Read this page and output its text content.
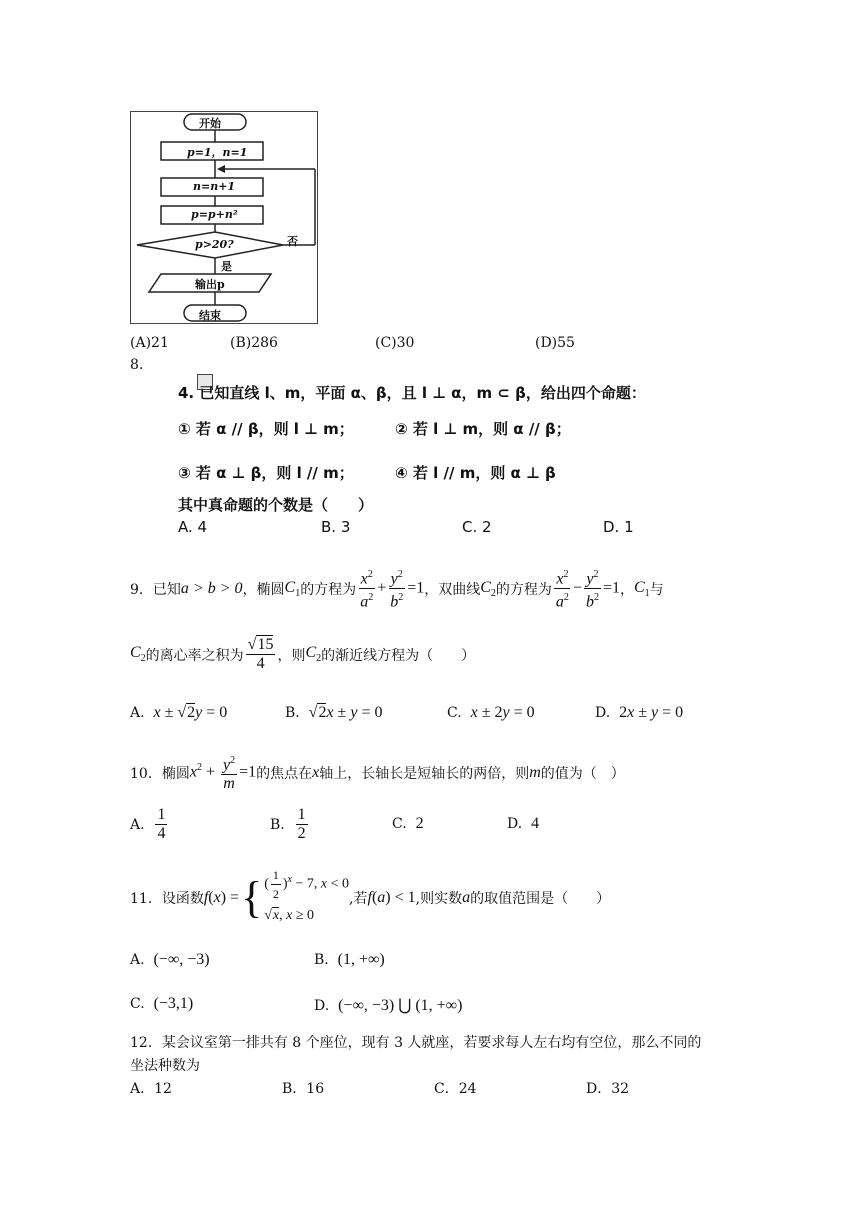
开始
p=1，n=1
n=n+1
p=p+n²
p>20?	否
是
输出p
结束
(A)21	(B)286	(C)30	(D)55
8.
4. 已知直线 l、m，平面 α、β，且 l ⊥ α，m ⊂ β，给出四个命题：
① 若 α // β，则 l ⊥ m；	② 若 l ⊥ m，则 α // β；
③ 若 α ⊥ β，则 l // m；	④ 若 l // m，则 α ⊥ β
其中真命题的个数是（　　）
A. 4	B. 3	C. 2	D. 1
9．已知 a > b > 0 ，椭圆 $C_1$ 的方程为 $\frac{x^2}{a^2} + \frac{y^2}{b^2} =1$ ，双曲线 $C_2$ 的方程为 $\frac{x^2}{a^2} - \frac{y^2}{b^2} =1$ ， $C_1$ 与
$C_2$ 的离心率之积为 $\frac{√15}{4}$ ，则 $C_2$ 的渐近线方程为（　　）
A. x ± √2y = 0	B. √2x ± y = 0	C. x ± 2y = 0	D. 2x ± y = 0
10．椭圆 $x^2 + \frac{y^2}{m} =1$ 的焦点在 x 轴上，长轴长是短轴长的两倍，则 m 的值为（　）
A.
$\frac{1}{4}$	B.
$\frac{1}{2}$	C. 2	D. 4
11．设函数 f ( x ) = { ( $\frac{1}{2} )^x - 7$, x < 0
√x, x ≥ 0
,若 f(a) < 1 ,则实数 a 的取值范围是（　　）
A. (−∞, −3)	B. (1, +∞)
C. (−3,1)	D. (−∞, −3) ⋃ (1, +∞)
12．某会议室第一排共有 8 个座位，现有 3 人就座，若要求每人左右均有空位，那么不同的
坐法种数为
A．12	B．16	C．24	D．32
